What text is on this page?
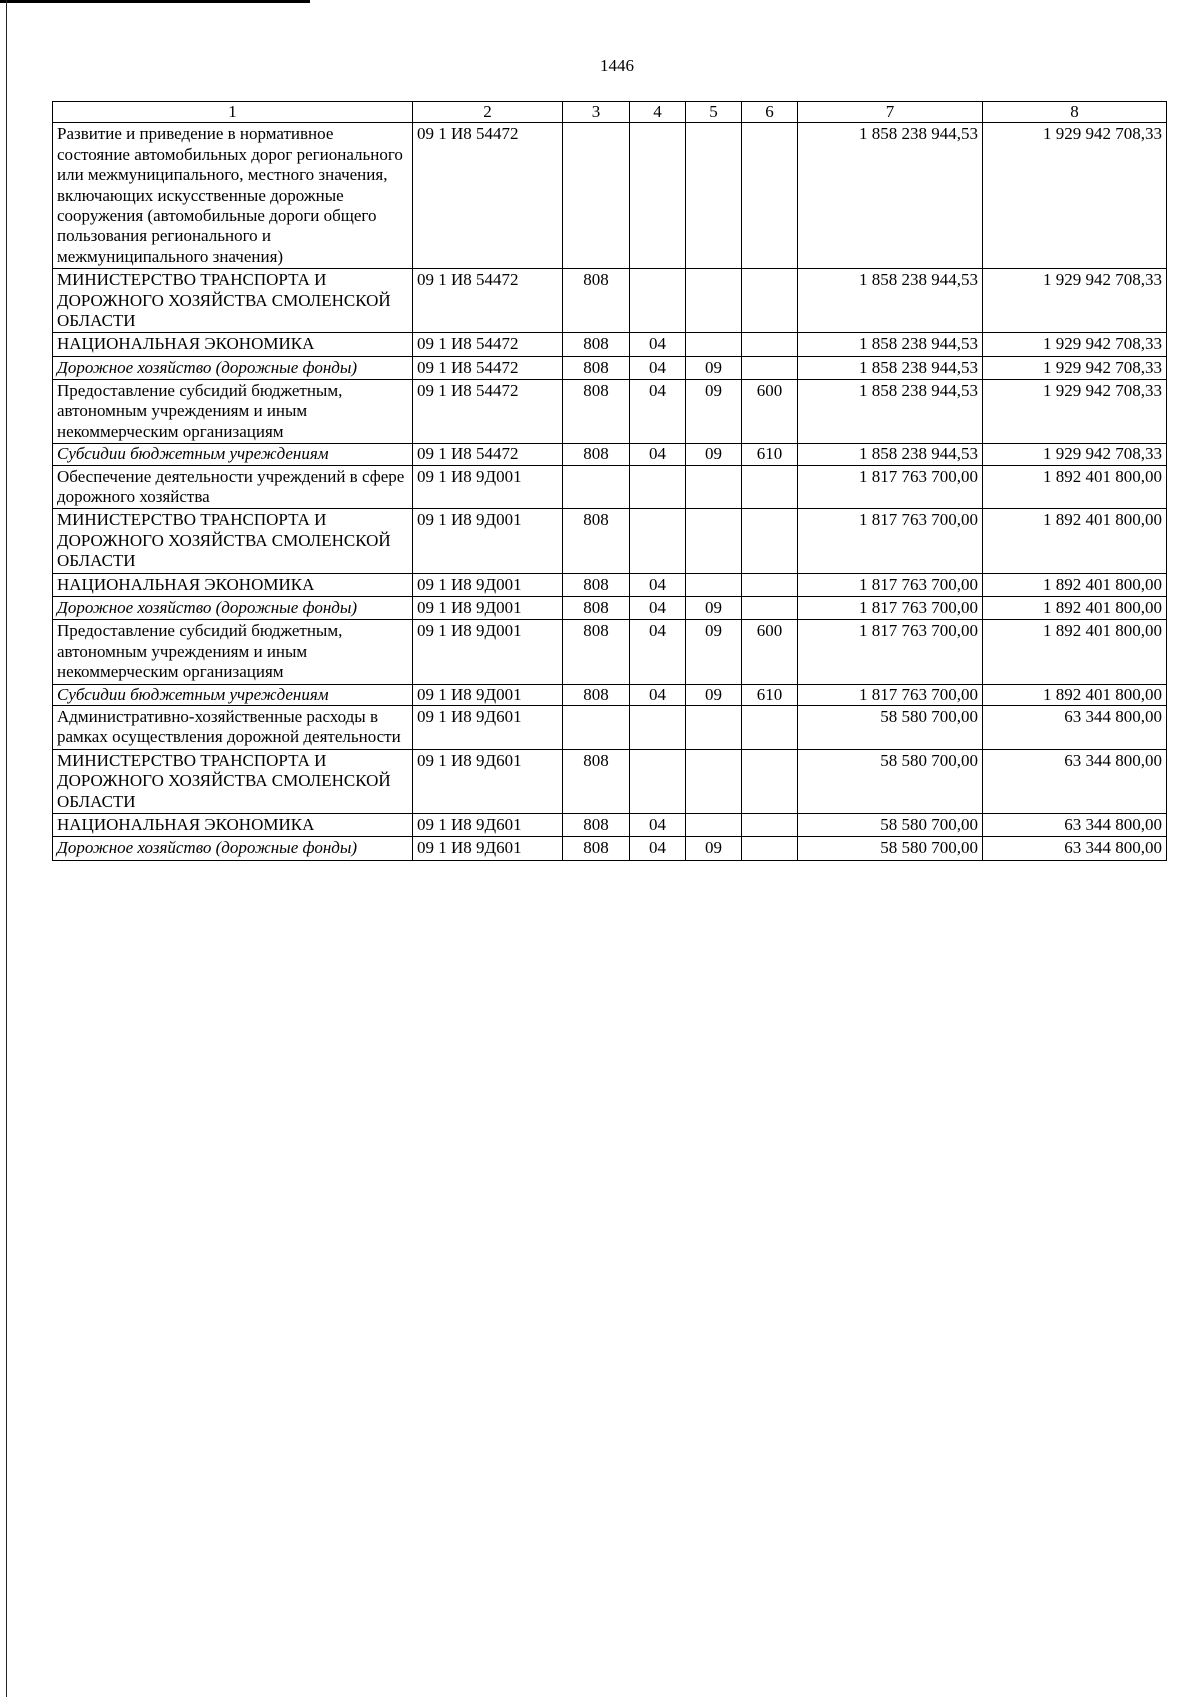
1446
1	2	3	4	5	6	7	8
Развитие и приведение в нормативное состояние автомобильных дорог регионального или межмуниципального, местного значения, включающих искусственные дорожные сооружения (автомобильные дороги общего пользования регионального и межмуниципального значения)	09 1 И8 54472					1 858 238 944,53	1 929 942 708,33
МИНИСТЕРСТВО ТРАНСПОРТА И ДОРОЖНОГО ХОЗЯЙСТВА СМОЛЕНСКОЙ ОБЛАСТИ	09 1 И8 54472	808				1 858 238 944,53	1 929 942 708,33
НАЦИОНАЛЬНАЯ ЭКОНОМИКА	09 1 И8 54472	808	04			1 858 238 944,53	1 929 942 708,33
Дорожное хозяйство (дорожные фонды)	09 1 И8 54472	808	04	09		1 858 238 944,53	1 929 942 708,33
Предоставление субсидий бюджетным, автономным учреждениям и иным некоммерческим организациям	09 1 И8 54472	808	04	09	600	1 858 238 944,53	1 929 942 708,33
Субсидии бюджетным учреждениям	09 1 И8 54472	808	04	09	610	1 858 238 944,53	1 929 942 708,33
Обеспечение деятельности учреждений в сфере дорожного хозяйства	09 1 И8 9Д001					1 817 763 700,00	1 892 401 800,00
МИНИСТЕРСТВО ТРАНСПОРТА И ДОРОЖНОГО ХОЗЯЙСТВА СМОЛЕНСКОЙ ОБЛАСТИ	09 1 И8 9Д001	808				1 817 763 700,00	1 892 401 800,00
НАЦИОНАЛЬНАЯ ЭКОНОМИКА	09 1 И8 9Д001	808	04			1 817 763 700,00	1 892 401 800,00
Дорожное хозяйство (дорожные фонды)	09 1 И8 9Д001	808	04	09		1 817 763 700,00	1 892 401 800,00
Предоставление субсидий бюджетным, автономным учреждениям и иным некоммерческим организациям	09 1 И8 9Д001	808	04	09	600	1 817 763 700,00	1 892 401 800,00
Субсидии бюджетным учреждениям	09 1 И8 9Д001	808	04	09	610	1 817 763 700,00	1 892 401 800,00
Административно-хозяйственные расходы в рамках осуществления дорожной деятельности	09 1 И8 9Д601					58 580 700,00	63 344 800,00
МИНИСТЕРСТВО ТРАНСПОРТА И ДОРОЖНОГО ХОЗЯЙСТВА СМОЛЕНСКОЙ ОБЛАСТИ	09 1 И8 9Д601	808				58 580 700,00	63 344 800,00
НАЦИОНАЛЬНАЯ ЭКОНОМИКА	09 1 И8 9Д601	808	04			58 580 700,00	63 344 800,00
Дорожное хозяйство (дорожные фонды)	09 1 И8 9Д601	808	04	09		58 580 700,00	63 344 800,00
